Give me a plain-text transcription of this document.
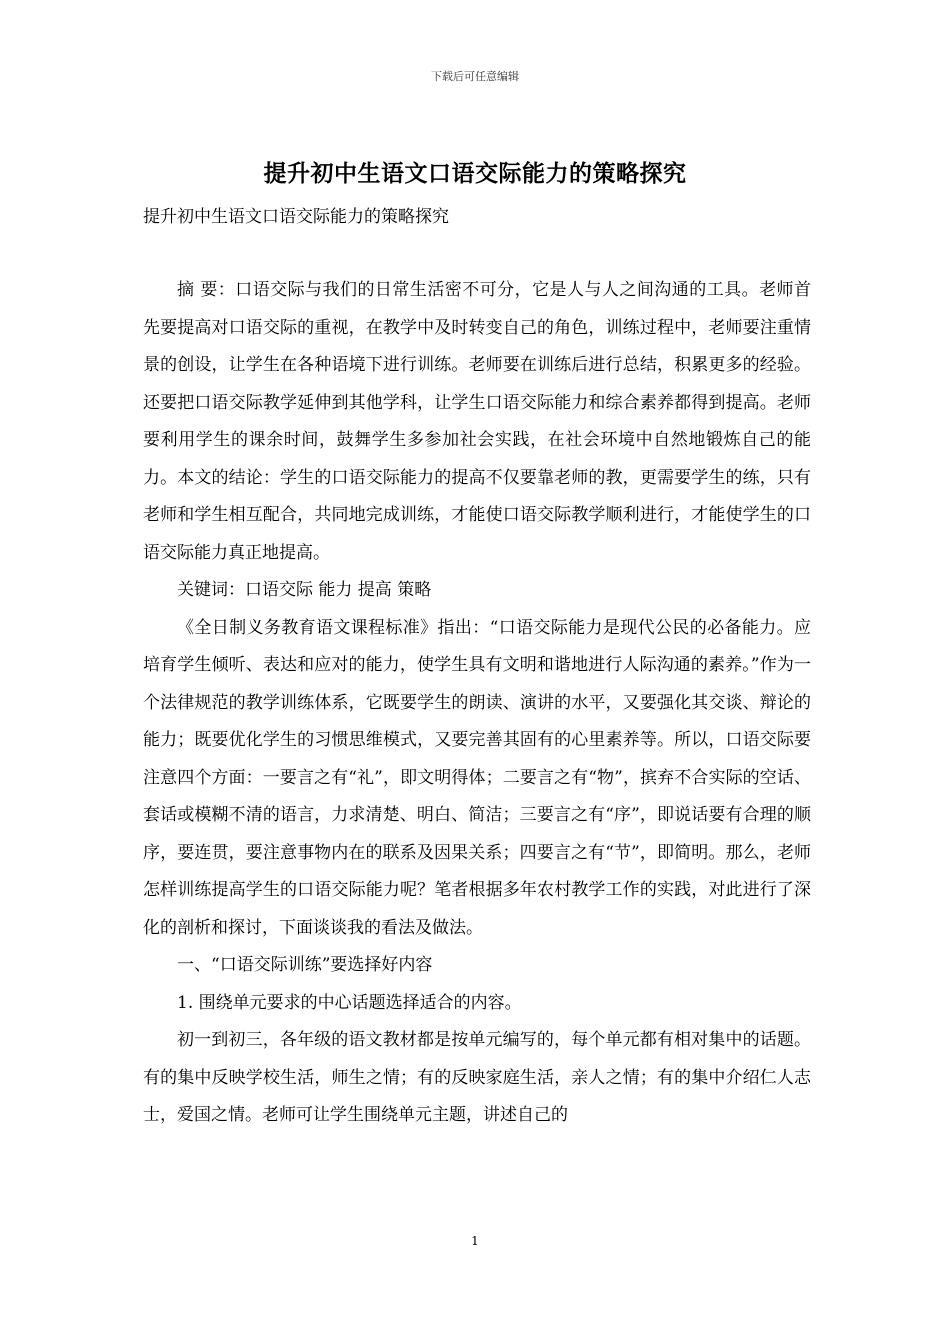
下载后可任意编辑
提升初中生语文口语交际能力的策略探究
提升初中生语文口语交际能力的策略探究

摘 要：口语交际与我们的日常生活密不可分，它是人与人之间沟通的工具。老师首先要提高对口语交际的重视，在教学中及时转变自己的角色，训练过程中，老师要注重情景的创设，让学生在各种语境下进行训练。老师要在训练后进行总结，积累更多的经验。还要把口语交际教学延伸到其他学科，让学生口语交际能力和综合素养都得到提高。老师要利用学生的课余时间，鼓舞学生多参加社会实践，在社会环境中自然地锻炼自己的能力。本文的结论：学生的口语交际能力的提高不仅要靠老师的教，更需要学生的练，只有老师和学生相互配合，共同地完成训练，才能使口语交际教学顺利进行，才能使学生的口语交际能力真正地提高。

关键词：口语交际 能力 提高 策略

《全日制义务教育语文课程标准》指出：“口语交际能力是现代公民的必备能力。应培育学生倾听、表达和应对的能力，使学生具有文明和谐地进行人际沟通的素养。”作为一个法律规范的教学训练体系，它既要学生的朗读、演讲的水平，又要强化其交谈、辩论的能力；既要优化学生的习惯思维模式，又要完善其固有的心里素养等。所以，口语交际要注意四个方面：一要言之有“礼”，即文明得体；二要言之有“物”，摈弃不合实际的空话、套话或模糊不清的语言，力求清楚、明白、简洁；三要言之有“序”，即说话要有合理的顺序，要连贯，要注意事物内在的联系及因果关系；四要言之有“节”，即简明。那么，老师怎样训练提高学生的口语交际能力呢？笔者根据多年农村教学工作的实践，对此进行了深化的剖析和探讨，下面谈谈我的看法及做法。

一、“口语交际训练”要选择好内容

1. 围绕单元要求的中心话题选择适合的内容。

初一到初三，各年级的语文教材都是按单元编写的，每个单元都有相对集中的话题。有的集中反映学校生活，师生之情；有的反映家庭生活，亲人之情；有的集中介绍仁人志士，爱国之情。老师可让学生围绕单元主题，讲述自己的

1
